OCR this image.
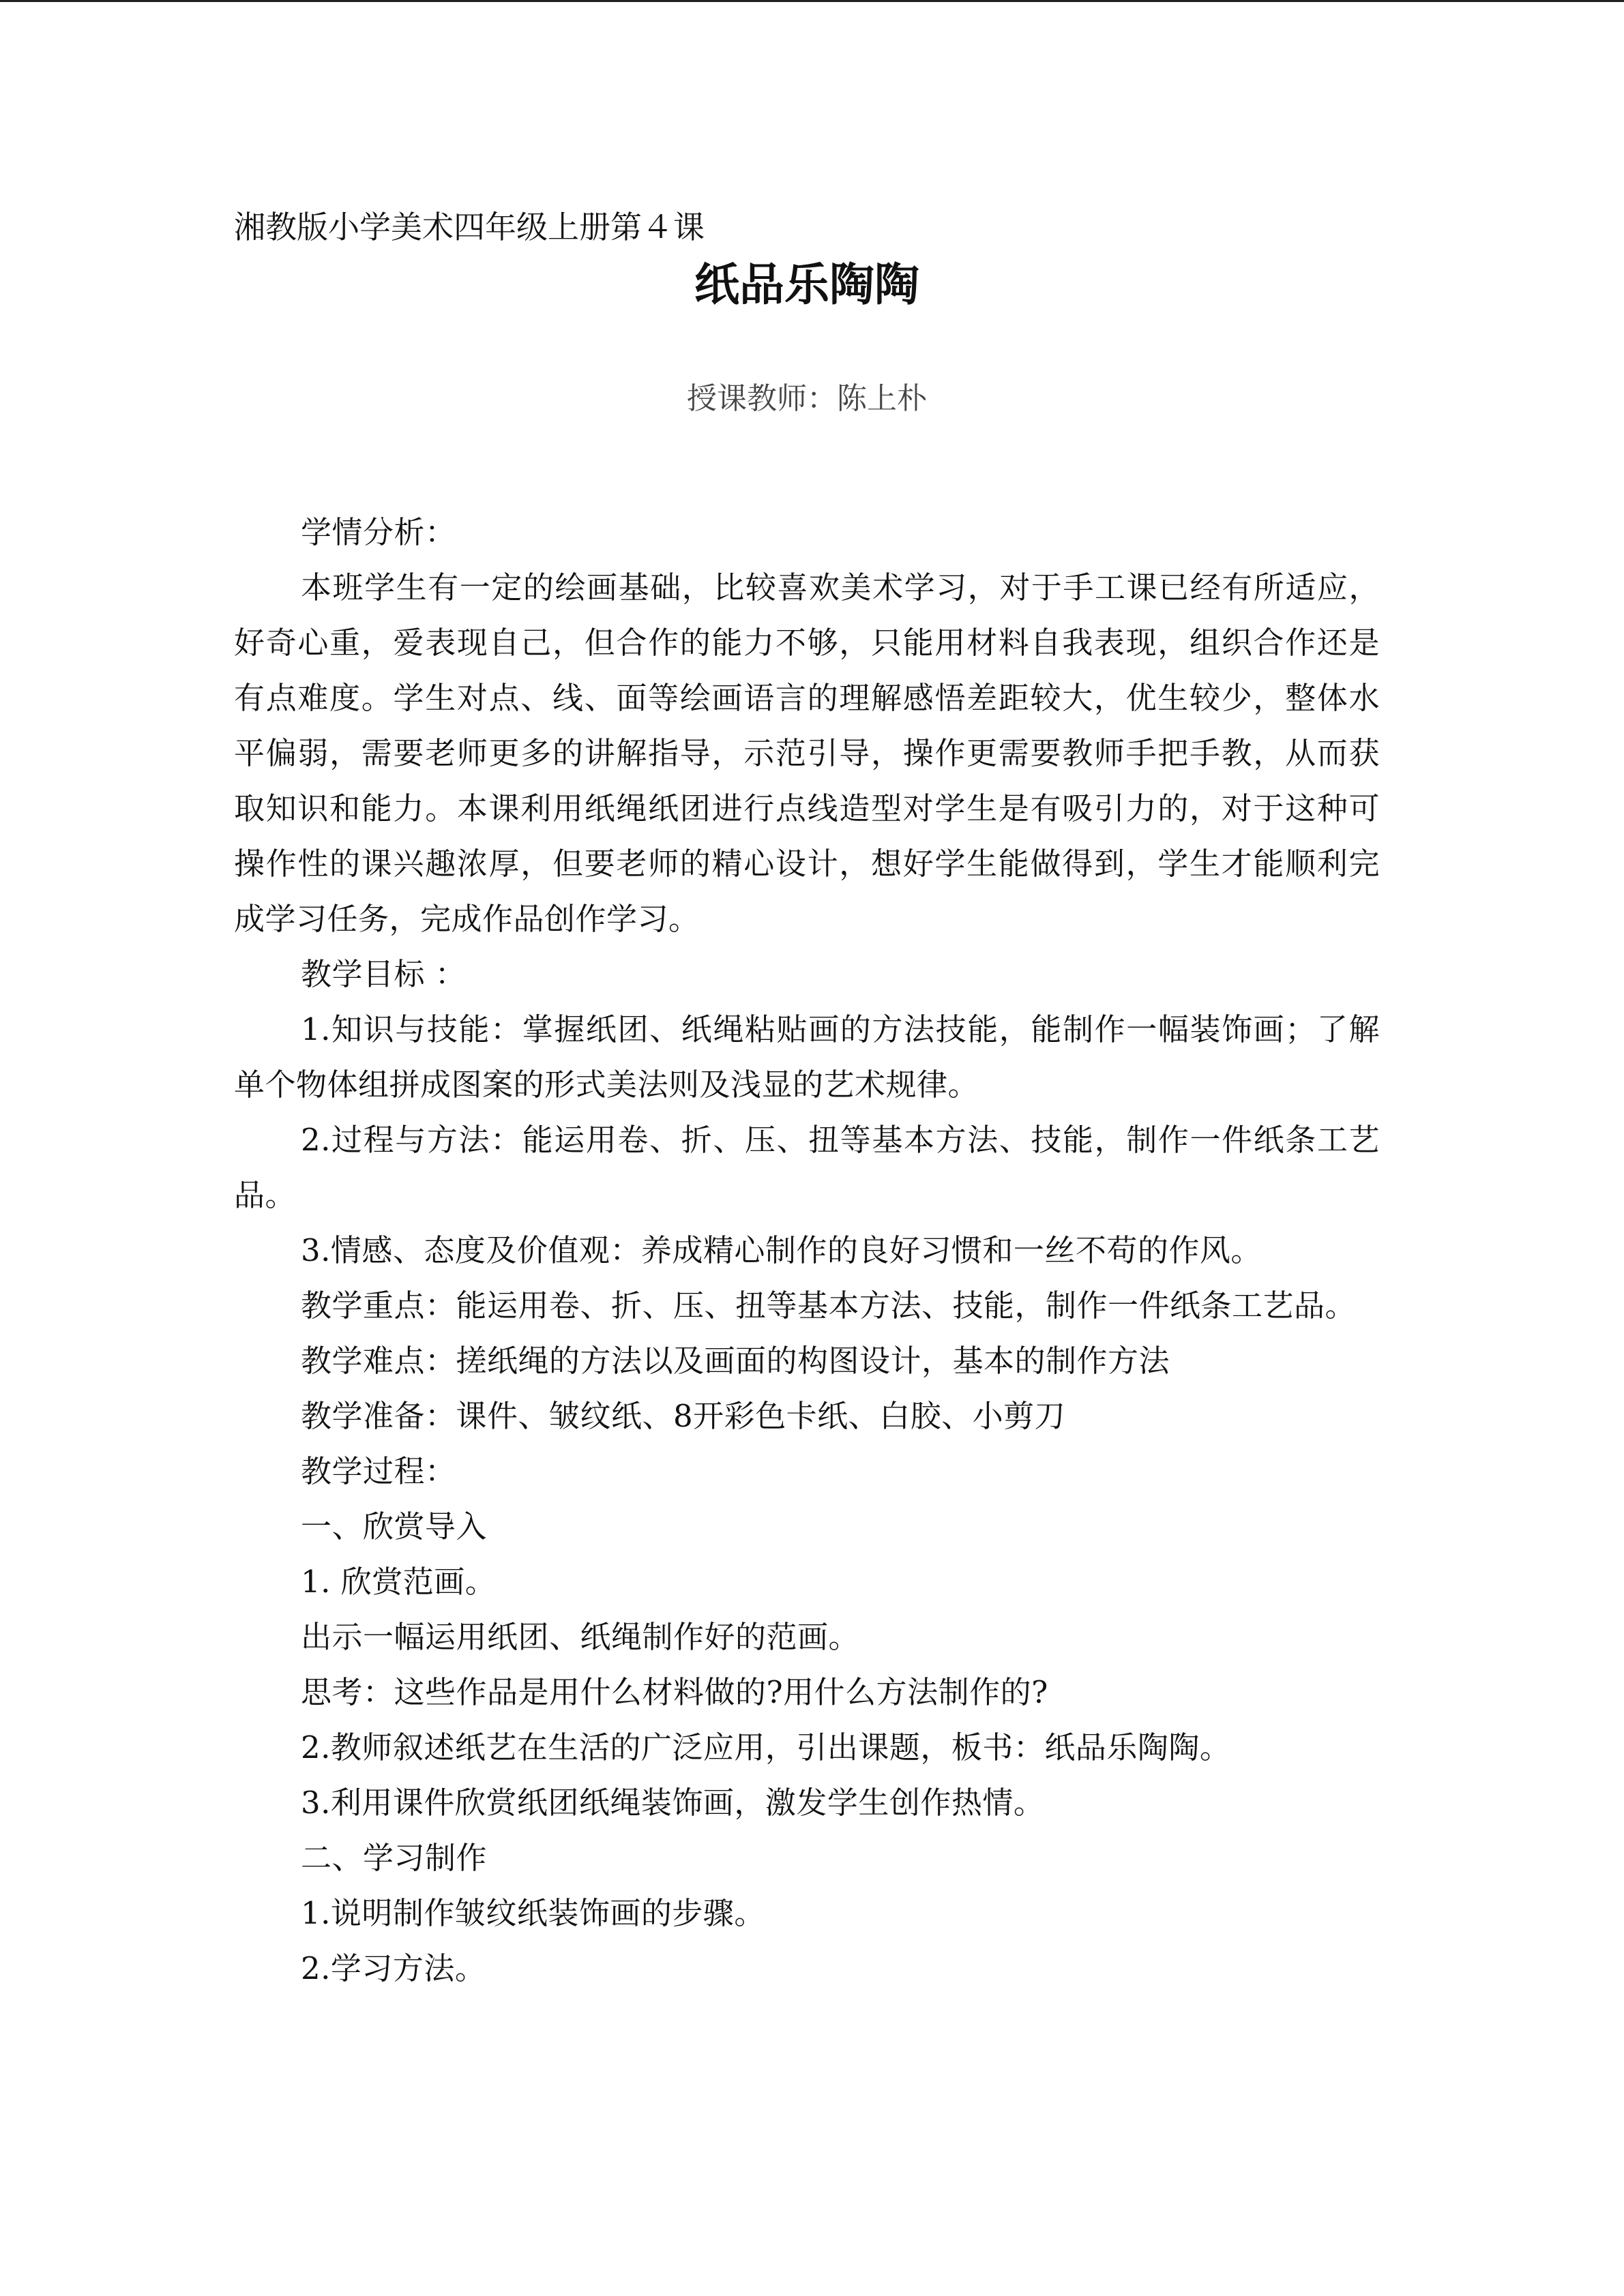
湘教版小学美术四年级上册第４课

纸品乐陶陶

授课教师：陈上朴

学情分析：

本班学生有一定的绘画基础，比较喜欢美术学习，对于手工课已经有所适应，好奇心重，爱表现自己，但合作的能力不够，只能用材料自我表现，组织合作还是有点难度。学生对点、线、面等绘画语言的理解感悟差距较大，优生较少，整体水平偏弱，需要老师更多的讲解指导，示范引导，操作更需要教师手把手教，从而获取知识和能力。本课利用纸绳纸团进行点线造型对学生是有吸引力的，对于这种可操作性的课兴趣浓厚，但要老师的精心设计，想好学生能做得到，学生才能顺利完成学习任务，完成作品创作学习。

教学目标 ：

1.知识与技能：掌握纸团、纸绳粘贴画的方法技能，能制作一幅装饰画；了解单个物体组拼成图案的形式美法则及浅显的艺术规律。

2.过程与方法：能运用卷、折、压、扭等基本方法、技能，制作一件纸条工艺品。

3.情感、态度及价值观：养成精心制作的良好习惯和一丝不苟的作风。

教学重点：能运用卷、折、压、扭等基本方法、技能，制作一件纸条工艺品。

教学难点：搓纸绳的方法以及画面的构图设计，基本的制作方法

教学准备：课件、皱纹纸、8开彩色卡纸、白胶、小剪刀

教学过程：

一、欣赏导入

1. 欣赏范画。

出示一幅运用纸团、纸绳制作好的范画。

思考：这些作品是用什么材料做的?用什么方法制作的?

2.教师叙述纸艺在生活的广泛应用，引出课题，板书：纸品乐陶陶。

3.利用课件欣赏纸团纸绳装饰画，激发学生创作热情。

二、学习制作

1.说明制作皱纹纸装饰画的步骤。

2.学习方法。
